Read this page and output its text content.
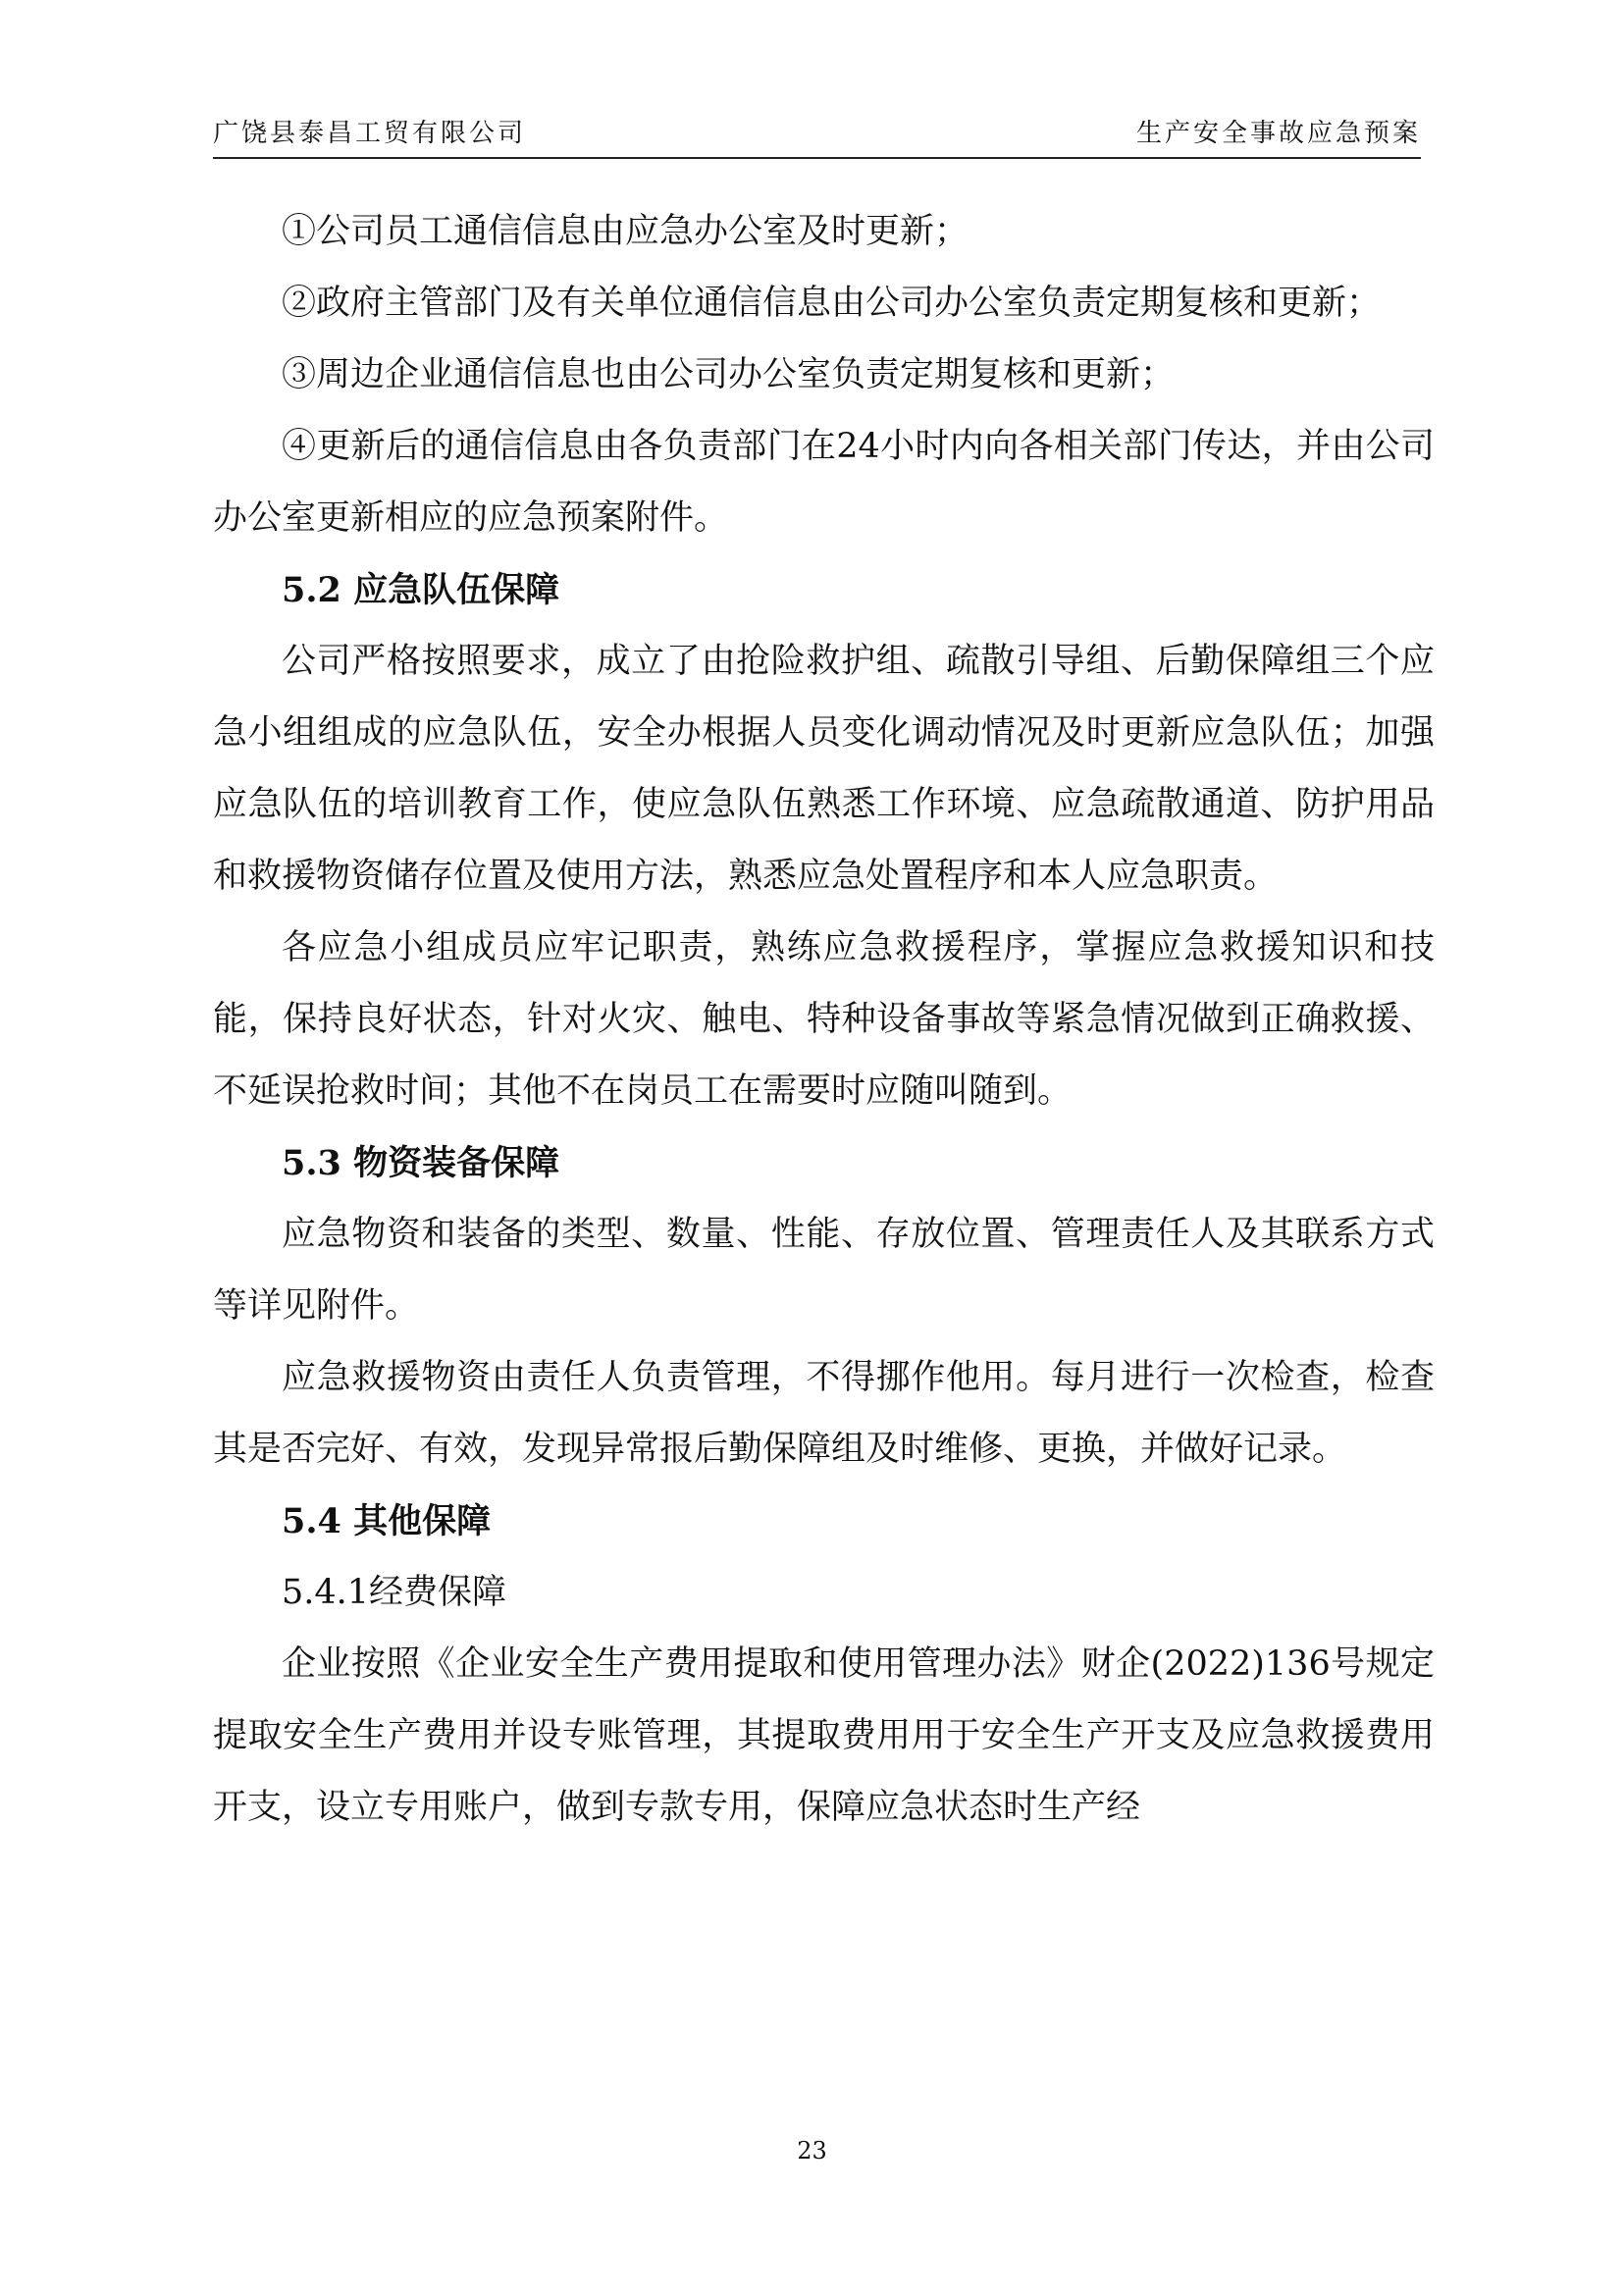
广饶县泰昌工贸有限公司	生产安全事故应急预案

①公司员工通信信息由应急办公室及时更新；

②政府主管部门及有关单位通信信息由公司办公室负责定期复核和更新；

③周边企业通信信息也由公司办公室负责定期复核和更新；

④更新后的通信信息由各负责部门在24小时内向各相关部门传达，并由公司办公室更新相应的应急预案附件。

5.2 应急队伍保障

公司严格按照要求，成立了由抢险救护组、疏散引导组、后勤保障组三个应急小组组成的应急队伍，安全办根据人员变化调动情况及时更新应急队伍；加强应急队伍的培训教育工作，使应急队伍熟悉工作环境、应急疏散通道、防护用品和救援物资储存位置及使用方法，熟悉应急处置程序和本人应急职责。

各应急小组成员应牢记职责，熟练应急救援程序，掌握应急救援知识和技能，保持良好状态，针对火灾、触电、特种设备事故等紧急情况做到正确救援、不延误抢救时间；其他不在岗员工在需要时应随叫随到。

5.3 物资装备保障

应急物资和装备的类型、数量、性能、存放位置、管理责任人及其联系方式等详见附件。

应急救援物资由责任人负责管理，不得挪作他用。每月进行一次检查，检查其是否完好、有效，发现异常报后勤保障组及时维修、更换，并做好记录。

5.4 其他保障
5.4.1经费保障

企业按照《企业安全生产费用提取和使用管理办法》财企(2022)136号规定提取安全生产费用并设专账管理，其提取费用用于安全生产开支及应急救援费用开支，设立专用账户，做到专款专用，保障应急状态时生产经

23
